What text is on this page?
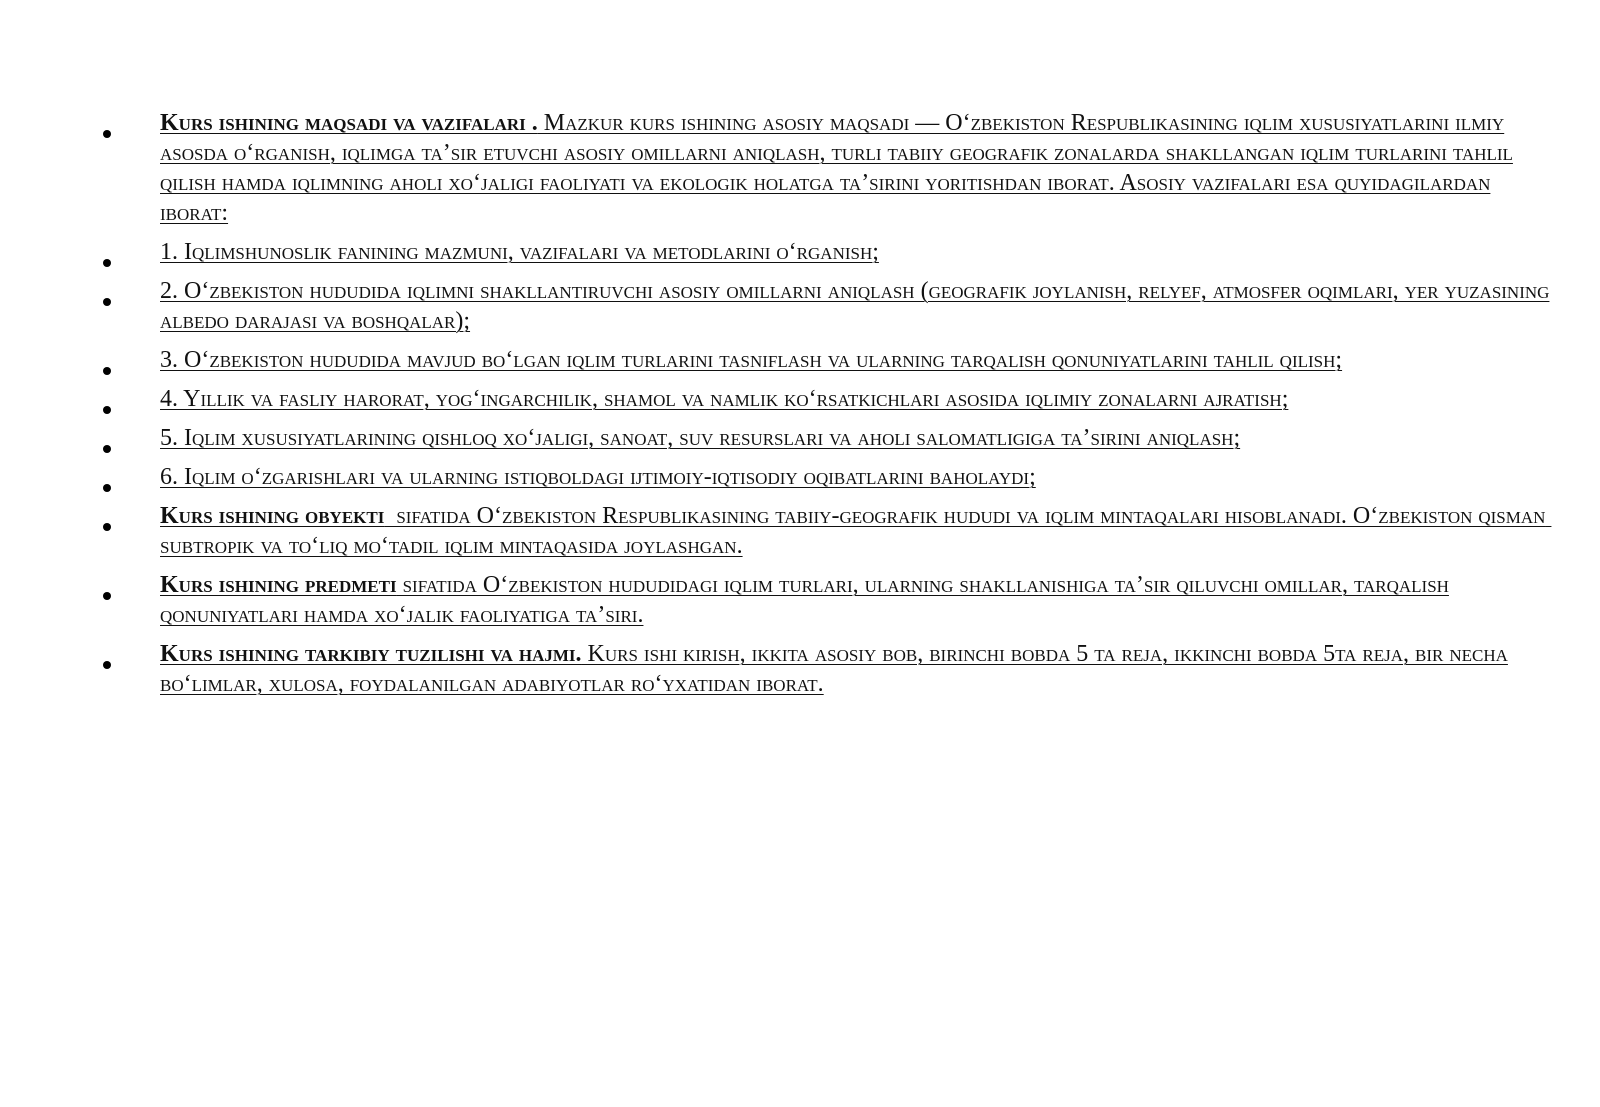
Kurs ishining maqsadi va vazifalari . Mazkur kurs ishining asosiy maqsadi — O‘zbekiston Respublikasining iqlim xususiyatlarini ilmiy asosda o‘rganish, iqlimga ta’sir etuvchi asosiy omillarni aniqlash, turli tabiiy geografik zonalarda shakllangan iqlim turlarini tahlil qilish hamda iqlimning aholi xo‘jaligi faoliyati va ekologik holatga ta’sirini yoritishdan iborat. Asosiy vazifalari esa quyidagilardan iborat:
1. Iqlimshunoslik fanining mazmuni, vazifalari va metodlarini o‘rganish;
2. O‘zbekiston hududida iqlimni shakllantiruvchi asosiy omillarni aniqlash (geografik joylanish, relyef, atmosfer oqimlari, yer yuzasining albedo darajasi va boshqalar);
3. O‘zbekiston hududida mavjud bo‘lgan iqlim turlarini tasniflash va ularning tarqalish qonuniyatlarini tahlil qilish;
4. Yillik va fasliy harorat, yog‘ingarchilik, shamol va namlik ko‘rsatkichlari asosida iqlimiy zonalarni ajratish;
5. Iqlim xususiyatlarining qishloq xo‘jaligi, sanoat, suv resurslari va aholi salomatligiga ta’sirini aniqlash;
6. Iqlim o‘zgarishlari va ularning istiqboldagi ijtimoiy-iqtisodiy oqibatlarini baholaydi;
Kurs ishining obyekti  sifatida O‘zbekiston Respublikasining tabiiy-geografik hududi va iqlim mintaqalari hisoblanadi. O‘zbekiston qisman subtropik va to‘liq mo‘tadil iqlim mintaqasida joylashgan.
Kurs ishining predmeti sifatida O‘zbekiston hududidagi iqlim turlari, ularning shakllanishiga ta’sir qiluvchi omillar, tarqalish qonuniyatlari hamda xo‘jalik faoliyatiga ta’siri.
Kurs ishining tarkibiy tuzilishi va hajmi. Kurs ishi kirish, ikkita asosiy bob, birinchi bobda 5 ta reja, ikkinchi bobda 5ta reja, bir necha bo‘limlar, xulosa, foydalanilgan adabiyotlar ro‘yxatidan iborat.
